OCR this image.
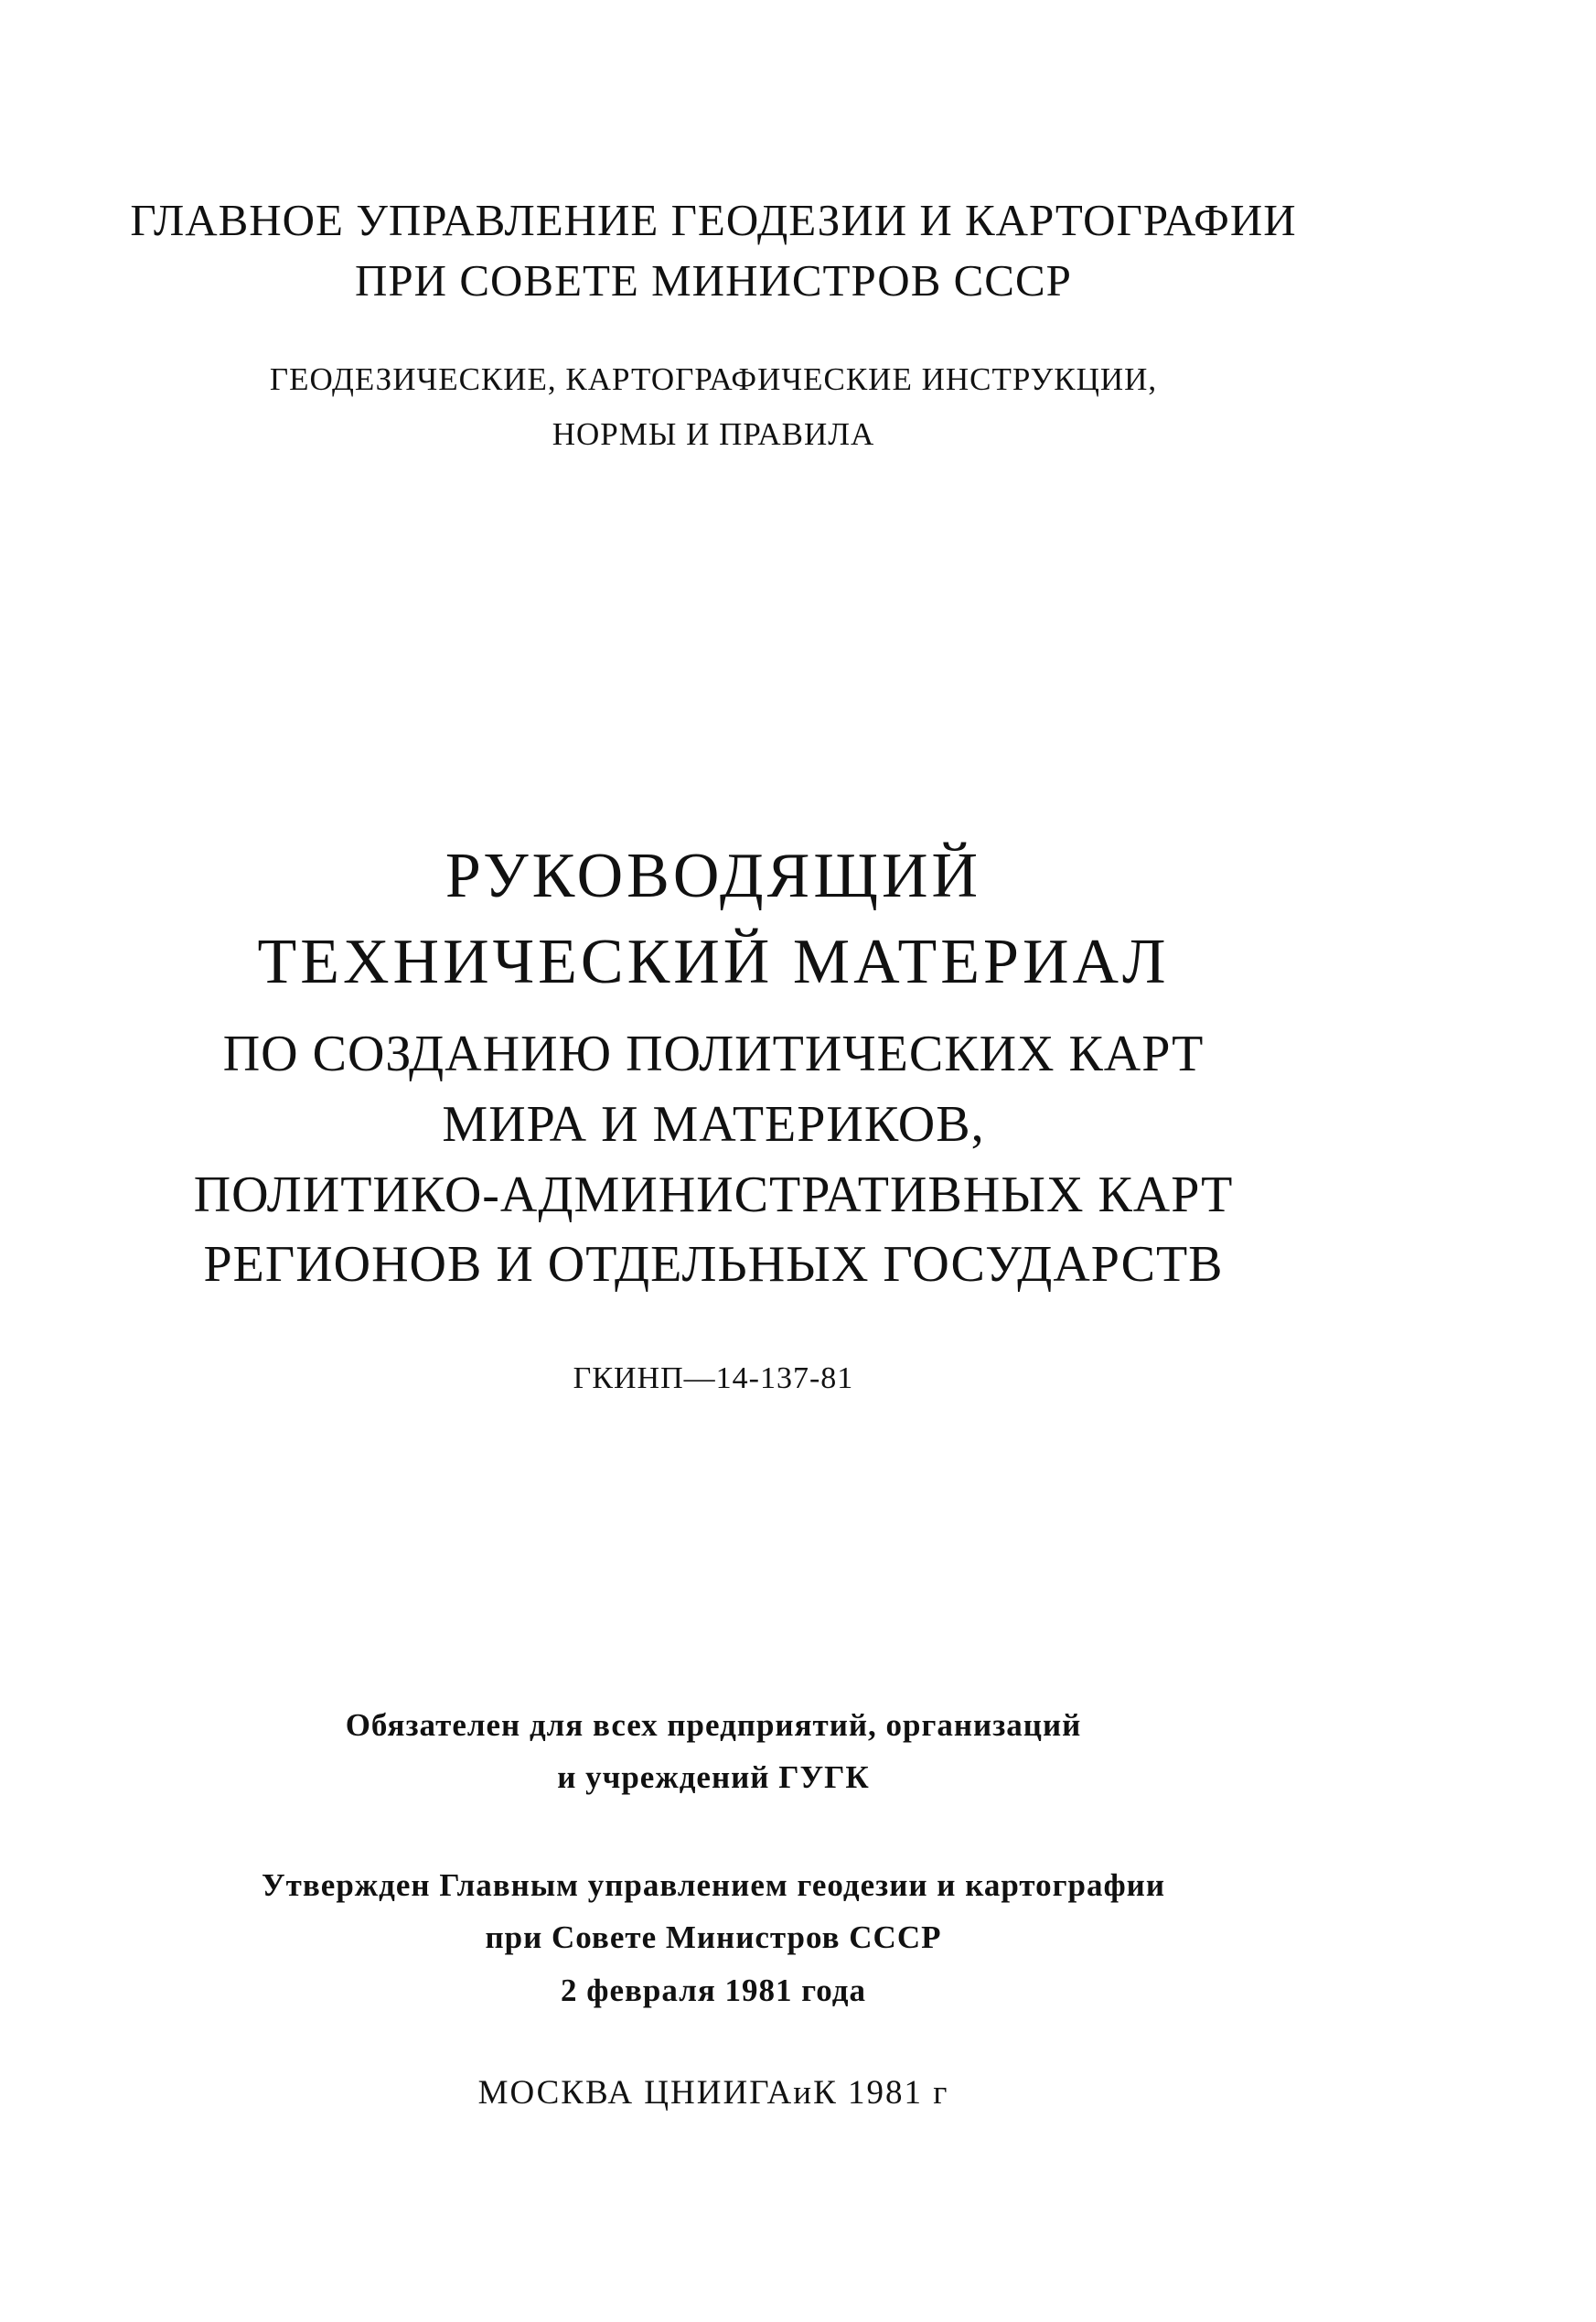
ГЛАВНОЕ УПРАВЛЕНИЕ ГЕОДЕЗИИ И КАРТОГРАФИИ

ПРИ СОВЕТЕ МИНИСТРОВ СССР

ГЕОДЕЗИЧЕСКИЕ, КАРТОГРАФИЧЕСКИЕ ИНСТРУКЦИИ,

НОРМЫ И ПРАВИЛА

РУКОВОДЯЩИЙ

ТЕХНИЧЕСКИЙ МАТЕРИАЛ

ПО СОЗДАНИЮ ПОЛИТИЧЕСКИХ КАРТ

МИРА И МАТЕРИКОВ,

ПОЛИТИКО-АДМИНИСТРАТИВНЫХ КАРТ

РЕГИОНОВ И ОТДЕЛЬНЫХ ГОСУДАРСТВ

ГКИНП—14-137-81

Обязателен для всех предприятий, организаций

и учреждений ГУГК

Утвержден Главным управлением геодезии и картографии

при Совете Министров СССР

2 февраля 1981 года

МОСКВА ЦНИИГАиК 1981 г
